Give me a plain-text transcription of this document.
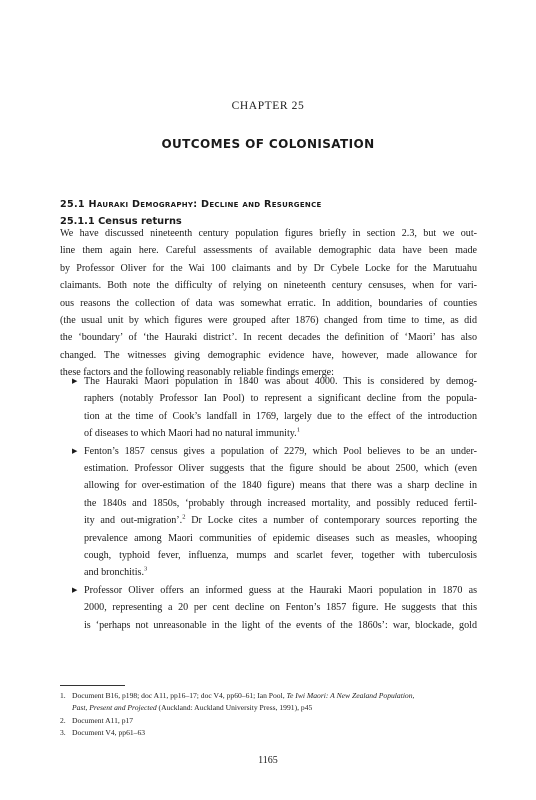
CHAPTER 25
OUTCOMES OF COLONISATION
25.1 Hauraki Demography: Decline and Resurgence
25.1.1 Census returns
We have discussed nineteenth century population figures briefly in section 2.3, but we out-
line them again here. Careful assessments of available demographic data have been made
by Professor Oliver for the Wai 100 claimants and by Dr Cybele Locke for the Marutuahu
claimants. Both note the difficulty of relying on nineteenth century censuses, when for vari-
ous reasons the collection of data was somewhat erratic. In addition, boundaries of counties
(the usual unit by which figures were grouped after 1876) changed from time to time, as did
the ‘boundary’ of ‘the Hauraki district’. In recent decades the definition of ‘Maori’ has also
changed. The witnesses giving demographic evidence have, however, made allowance for
these factors and the following reasonably reliable findings emerge:
▶ The Hauraki Maori population in 1840 was about 4000. This is considered by demog-
raphers (notably Professor Ian Pool) to represent a significant decline from the popula-
tion at the time of Cook’s landfall in 1769, largely due to the effect of the introduction
of diseases to which Maori had no natural immunity.$^1$
▶ Fenton’s 1857 census gives a population of 2279, which Pool believes to be an under-
estimation. Professor Oliver suggests that the figure should be about 2500, which (even
allowing for over-estimation of the 1840 figure) means that there was a sharp decline in
the 1840s and 1850s, ‘probably through increased mortality, and possibly reduced fertil-
ity and out-migration’.$^2$ Dr Locke cites a number of contemporary sources reporting the
prevalence among Maori communities of epidemic diseases such as measles, whooping
cough, typhoid fever, influenza, mumps and scarlet fever, together with tuberculosis
and bronchitis.$^3$
▶ Professor Oliver offers an informed guess at the Hauraki Maori population in 1870 as
2000, representing a 20 per cent decline on Fenton’s 1857 figure. He suggests that this
is ‘perhaps not unreasonable in the light of the events of the 1860s’: war, blockade, gold
1. Document B16, p198; doc A11, pp16–17; doc V4, pp60–61; Ian Pool, Te Iwi Maori: A New Zealand Population,
Past, Present and Projected (Auckland: Auckland University Press, 1991), p45
2. Document A11, p17
3. Document V4, pp61–63
1165
